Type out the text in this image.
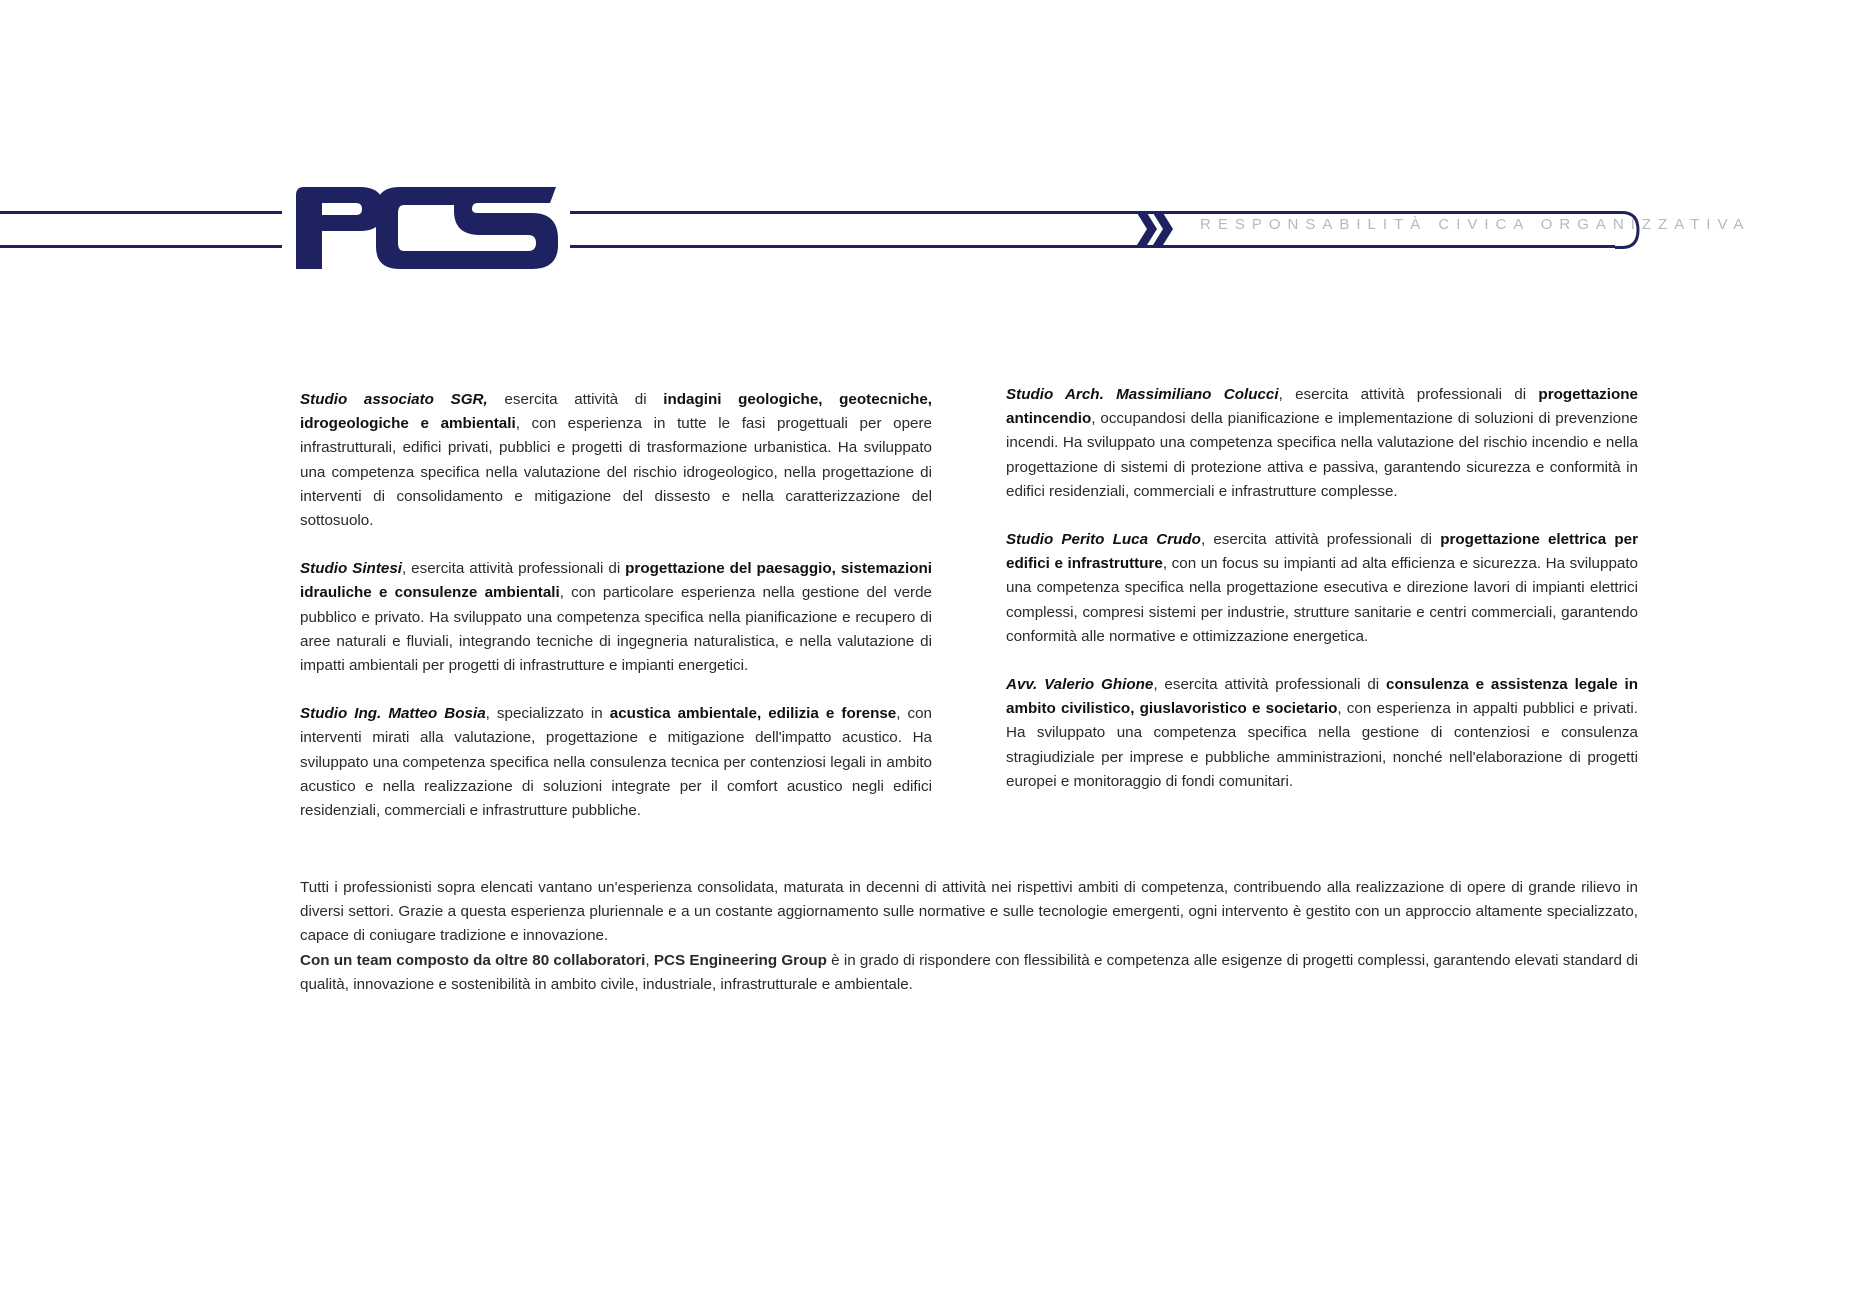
RESPONSABILITÀ CIVICA ORGANIZZATIVA

Studio associato SGR, esercita attività di indagini geologiche, geotecniche, idrogeologiche e ambientali, con esperienza in tutte le fasi progettuali per opere infrastrutturali, edifici privati, pubblici e progetti di trasformazione urbanistica. Ha sviluppato una competenza specifica nella valutazione del rischio idrogeologico, nella progettazione di interventi di consolidamento e mitigazione del dissesto e nella caratterizzazione del sottosuolo.

Studio Sintesi, esercita attività professionali di progettazione del paesaggio, sistemazioni idrauliche e consulenze ambientali, con particolare esperienza nella gestione del verde pubblico e privato. Ha sviluppato una competenza specifica nella pianificazione e recupero di aree naturali e fluviali, integrando tecniche di ingegneria naturalistica, e nella valutazione di impatti ambientali per progetti di infrastrutture e impianti energetici.

Studio Ing. Matteo Bosia, specializzato in acustica ambientale, edilizia e forense, con interventi mirati alla valutazione, progettazione e mitigazione dell'impatto acustico. Ha sviluppato una competenza specifica nella consulenza tecnica per contenziosi legali in ambito acustico e nella realizzazione di soluzioni integrate per il comfort acustico negli edifici residenziali, commerciali e infrastrutture pubbliche.

Studio Arch. Massimiliano Colucci, esercita attività professionali di progettazione antincendio, occupandosi della pianificazione e implementazione di soluzioni di prevenzione incendi. Ha sviluppato una competenza specifica nella valutazione del rischio incendio e nella progettazione di sistemi di protezione attiva e passiva, garantendo sicurezza e conformità in edifici residenziali, commerciali e infrastrutture complesse.

Studio Perito Luca Crudo, esercita attività professionali di progettazione elettrica per edifici e infrastrutture, con un focus su impianti ad alta efficienza e sicurezza. Ha sviluppato una competenza specifica nella progettazione esecutiva e direzione lavori di impianti elettrici complessi, compresi sistemi per industrie, strutture sanitarie e centri commerciali, garantendo conformità alle normative e ottimizzazione energetica.

Avv. Valerio Ghione, esercita attività professionali di consulenza e assistenza legale in ambito civilistico, giuslavoristico e societario, con esperienza in appalti pubblici e privati. Ha sviluppato una competenza specifica nella gestione di contenziosi e consulenza stragiudiziale per imprese e pubbliche amministrazioni, nonché nell'elaborazione di progetti europei e monitoraggio di fondi comunitari.

Tutti i professionisti sopra elencati vantano un'esperienza consolidata, maturata in decenni di attività nei rispettivi ambiti di competenza, contribuendo alla realizzazione di opere di grande rilievo in diversi settori. Grazie a questa esperienza pluriennale e a un costante aggiornamento sulle normative e sulle tecnologie emergenti, ogni intervento è gestito con un approccio altamente specializzato, capace di coniugare tradizione e innovazione.

Con un team composto da oltre 80 collaboratori, PCS Engineering Group è in grado di rispondere con flessibilità e competenza alle esigenze di progetti complessi, garantendo elevati standard di qualità, innovazione e sostenibilità in ambito civile, industriale, infrastrutturale e ambientale.
